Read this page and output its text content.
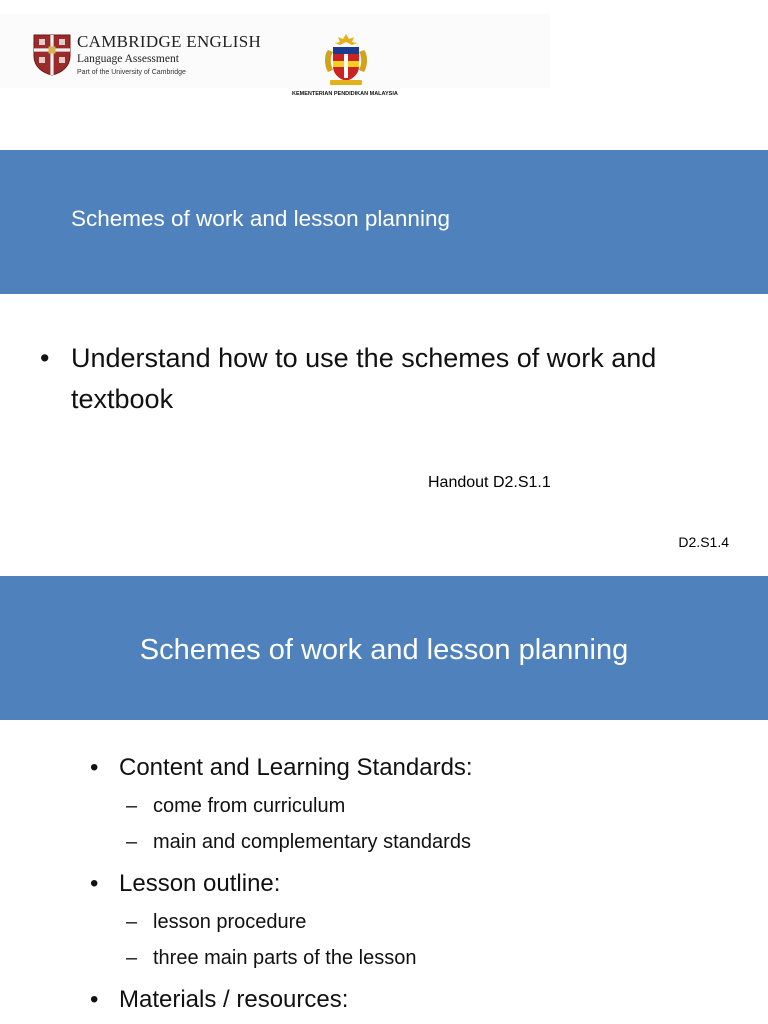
CAMBRIDGE ENGLISH
Language Assessment
Part of the University of Cambridge
KEMENTERIAN PENDIDIKAN MALAYSIA
Schemes of work and lesson planning
• Understand how to use the schemes of work and textbook
Handout D2.S1.1
D2.S1.4
Schemes of work and lesson planning
• Content and Learning Standards:
– come from curriculum
– main and complementary standards
• Lesson outline:
– lesson procedure
– three main parts of the lesson
• Materials / resources:
